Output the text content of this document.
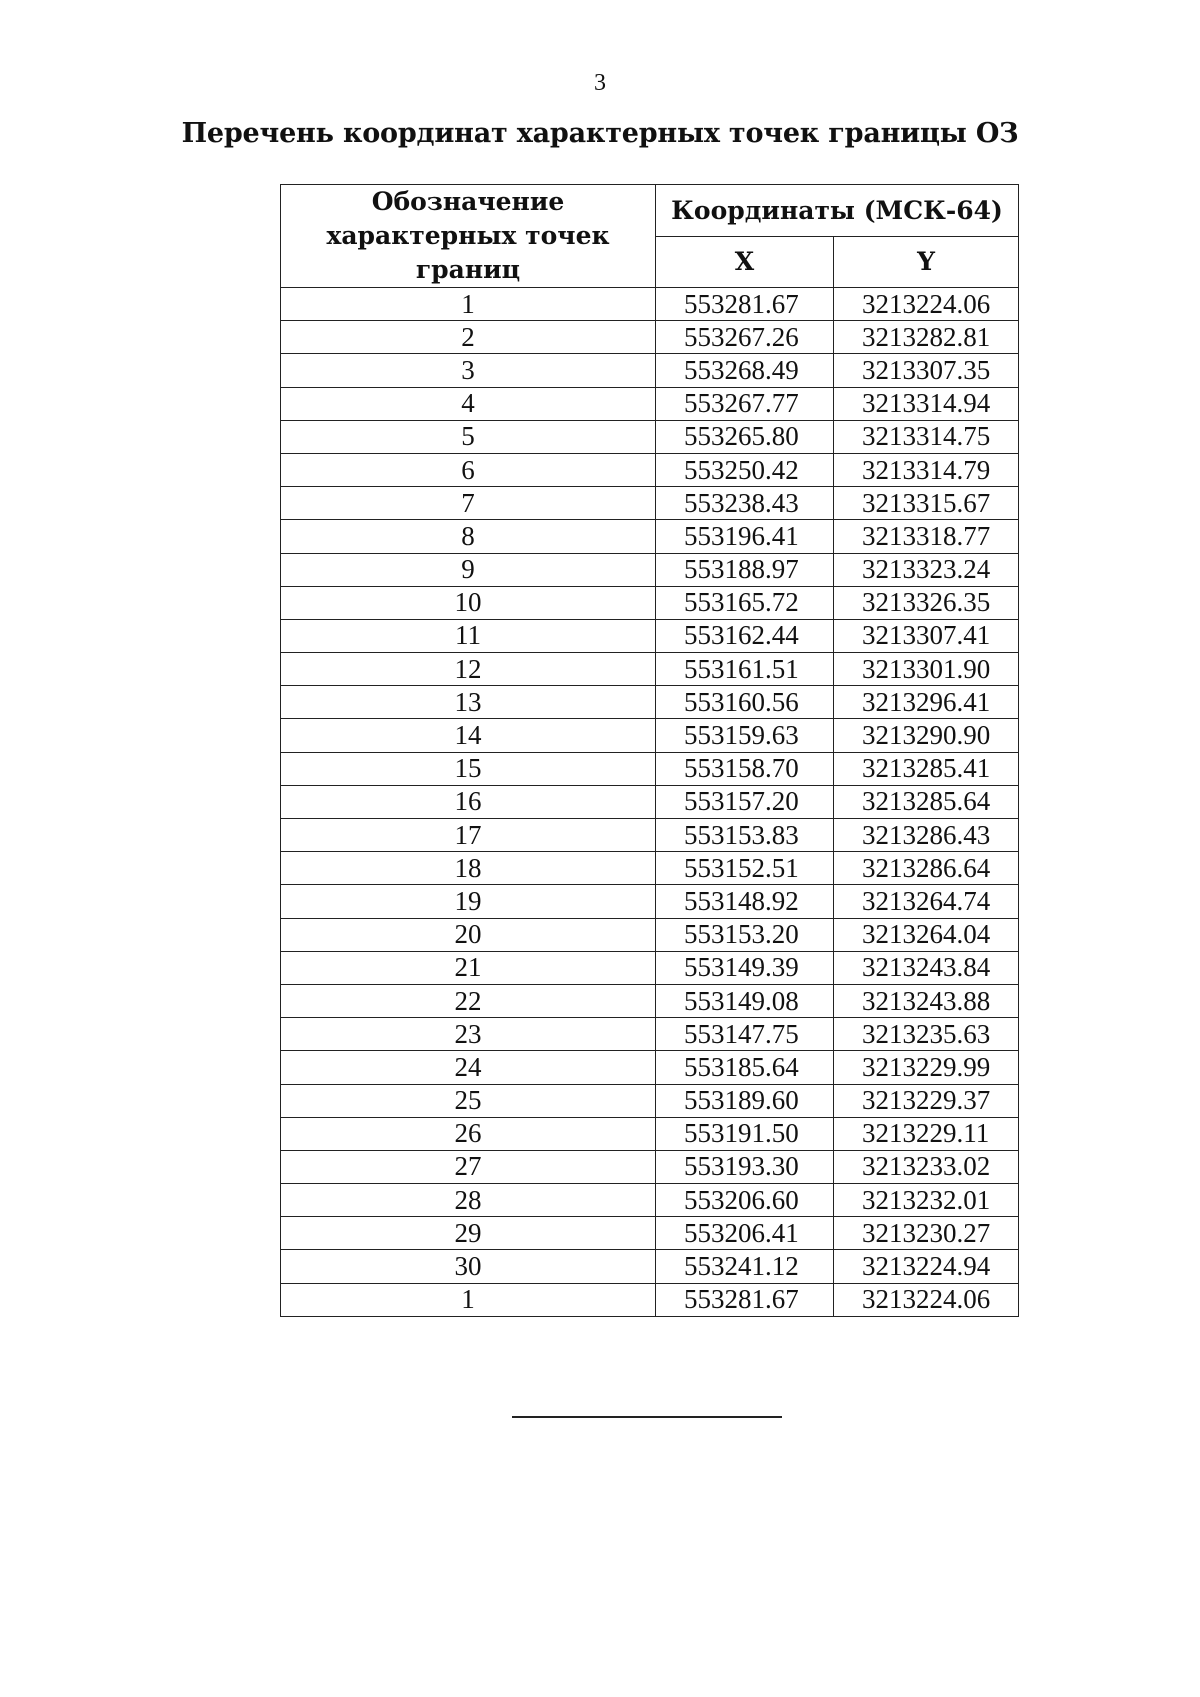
3
Перечень координат характерных точек границы ОЗ
Обозначение характерных точек границ	Координаты (МСК-64)	
	X	Y
1	553281.67	3213224.06
2	553267.26	3213282.81
3	553268.49	3213307.35
4	553267.77	3213314.94
5	553265.80	3213314.75
6	553250.42	3213314.79
7	553238.43	3213315.67
8	553196.41	3213318.77
9	553188.97	3213323.24
10	553165.72	3213326.35
11	553162.44	3213307.41
12	553161.51	3213301.90
13	553160.56	3213296.41
14	553159.63	3213290.90
15	553158.70	3213285.41
16	553157.20	3213285.64
17	553153.83	3213286.43
18	553152.51	3213286.64
19	553148.92	3213264.74
20	553153.20	3213264.04
21	553149.39	3213243.84
22	553149.08	3213243.88
23	553147.75	3213235.63
24	553185.64	3213229.99
25	553189.60	3213229.37
26	553191.50	3213229.11
27	553193.30	3213233.02
28	553206.60	3213232.01
29	553206.41	3213230.27
30	553241.12	3213224.94
1	553281.67	3213224.06
